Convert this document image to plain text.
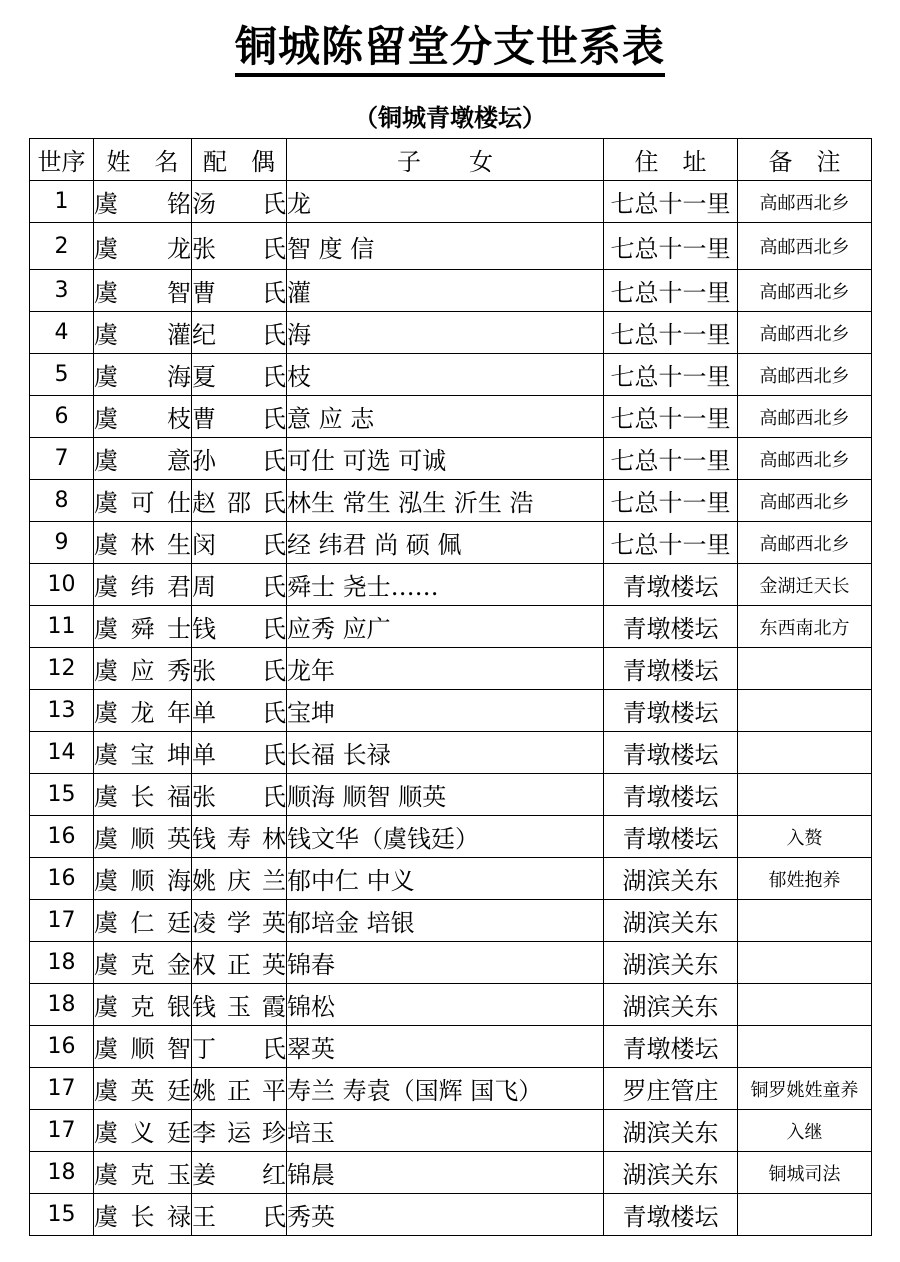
铜城陈留堂分支世系表
（铜城青墩楼坛）
世序	姓　名	配　偶	子　　女	住　址	备　注
1	虞　铭	汤　氏	龙	七总十一里	高邮西北乡
2	虞　龙	张　氏	智 度 信	七总十一里	高邮西北乡
3	虞　智	曹　氏	灌	七总十一里	高邮西北乡
4	虞　灌	纪　氏	海	七总十一里	高邮西北乡
5	虞　海	夏　氏	枝	七总十一里	高邮西北乡
6	虞　枝	曹　氏	意 应 志	七总十一里	高邮西北乡
7	虞　意	孙　氏	可仕 可选 可诚	七总十一里	高邮西北乡
8	虞可仕	赵邵氏	林生 常生 泓生 沂生 浩	七总十一里	高邮西北乡
9	虞林生	闵　氏	经 纬君 尚 硕 佩	七总十一里	高邮西北乡
10	虞纬君	周　氏	舜士 尧士……	青墩楼坛	金湖迁天长
11	虞舜士	钱　氏	应秀 应广	青墩楼坛	东西南北方
12	虞应秀	张　氏	龙年	青墩楼坛	
13	虞龙年	单　氏	宝坤	青墩楼坛	
14	虞宝坤	单　氏	长福 长禄	青墩楼坛	
15	虞长福	张　氏	顺海 顺智 顺英	青墩楼坛	
16	虞顺英	钱寿林	钱文华（虞钱廷）	青墩楼坛	入赘
16	虞顺海	姚庆兰	郁中仁 中义	湖滨关东	郁姓抱养
17	虞仁廷	凌学英	郁培金 培银	湖滨关东	
18	虞克金	权正英	锦春	湖滨关东	
18	虞克银	钱玉霞	锦松	湖滨关东	
16	虞顺智	丁　氏	翠英	青墩楼坛	
17	虞英廷	姚正平	寿兰 寿袁（国辉 国飞）	罗庄管庄	铜罗姚姓童养
17	虞义廷	李运珍	培玉	湖滨关东	入继
18	虞克玉	姜　红	锦晨	湖滨关东	铜城司法
15	虞长禄	王　氏	秀英	青墩楼坛	
